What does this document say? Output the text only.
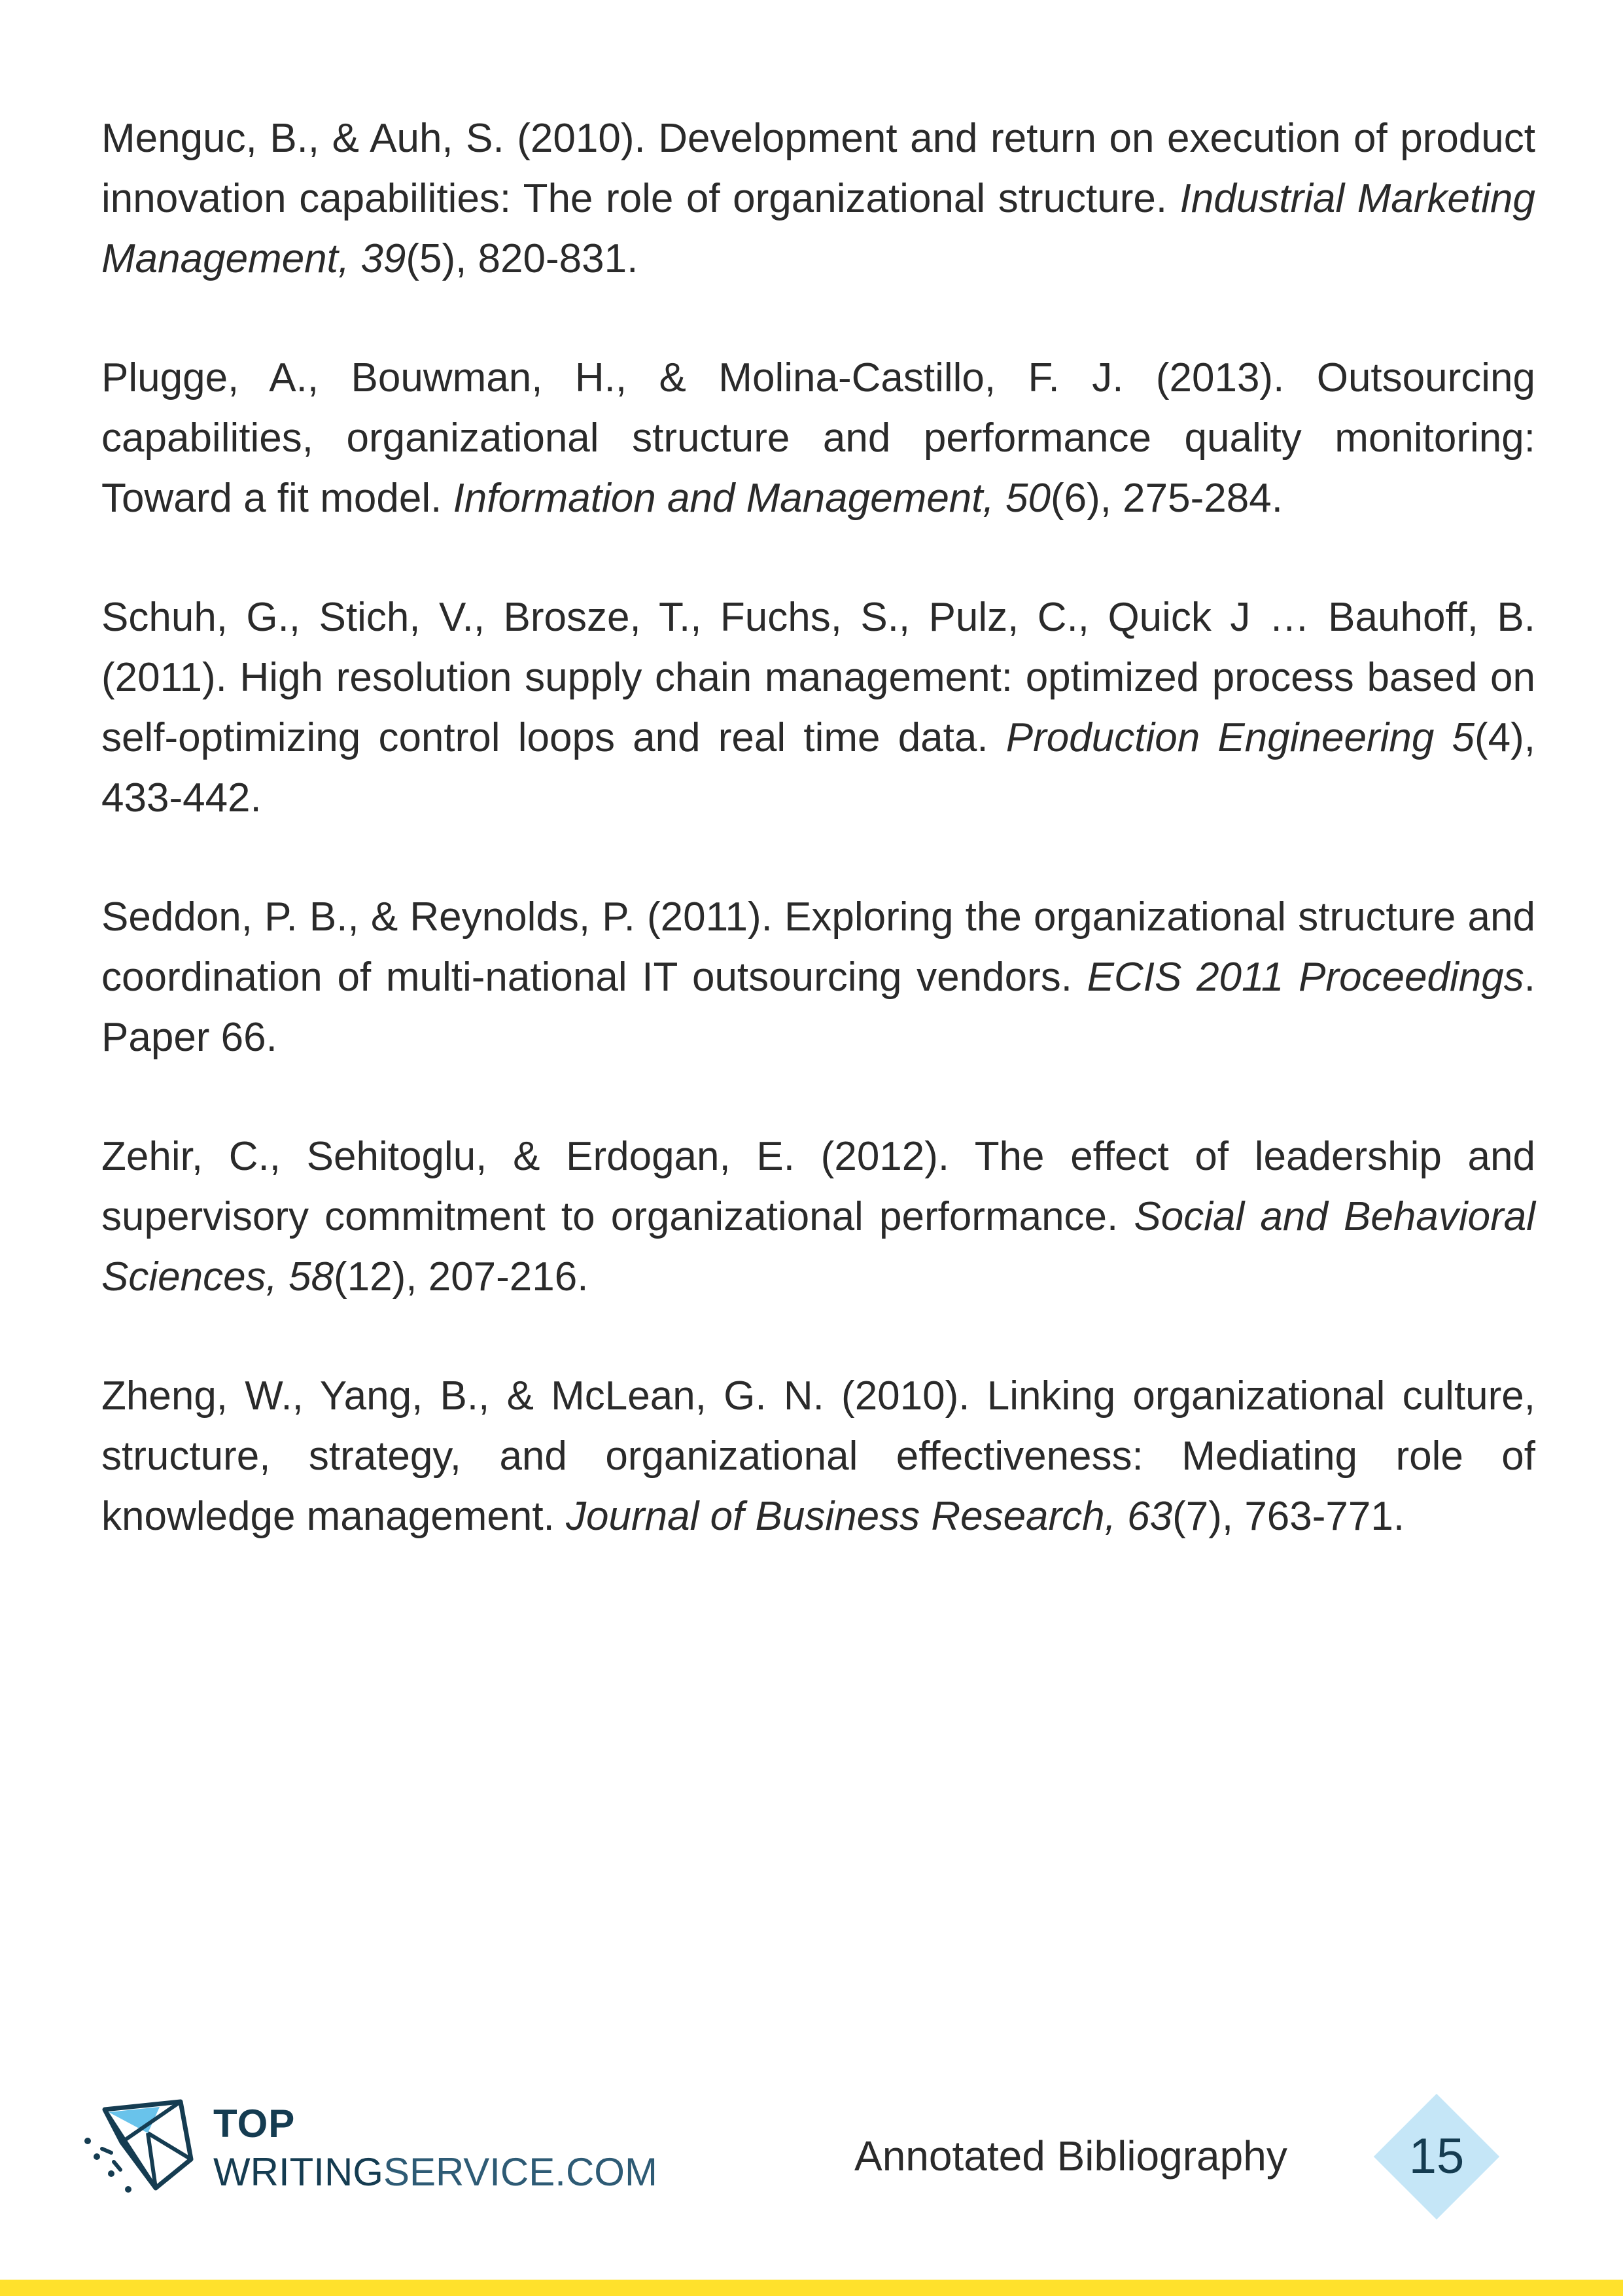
Menguc, B., & Auh, S. (2010). Development and return on execution of product innovation capabilities: The role of organizational structure. Industrial Marketing Management, 39(5), 820-831.

Plugge, A., Bouwman, H., & Molina-Castillo, F. J. (2013). Outsourcing capabilities, organizational structure and performance quality monitoring: Toward a fit model. Information and Management, 50(6), 275-284.

Schuh, G., Stich, V., Brosze, T., Fuchs, S., Pulz, C., Quick J … Bauhoff, B. (2011). High resolution supply chain management: optimized process based on self-optimizing control loops and real time data. Production Engineering 5(4), 433-442.

Seddon, P. B., & Reynolds, P. (2011). Exploring the organizational structure and coordination of multi-national IT outsourcing vendors. ECIS 2011 Proceedings. Paper 66.

Zehir, C., Sehitoglu, & Erdogan, E. (2012). The effect of leadership and supervisory commitment to organizational performance. Social and Behavioral Sciences, 58(12), 207-216.

Zheng, W., Yang, B., & McLean, G. N. (2010). Linking organizational culture, structure, strategy, and organizational effectiveness: Mediating role of knowledge management. Journal of Business Research, 63(7), 763-771.

TOP
WRITINGSERVICE.COM	Annotated Bibliography	15
